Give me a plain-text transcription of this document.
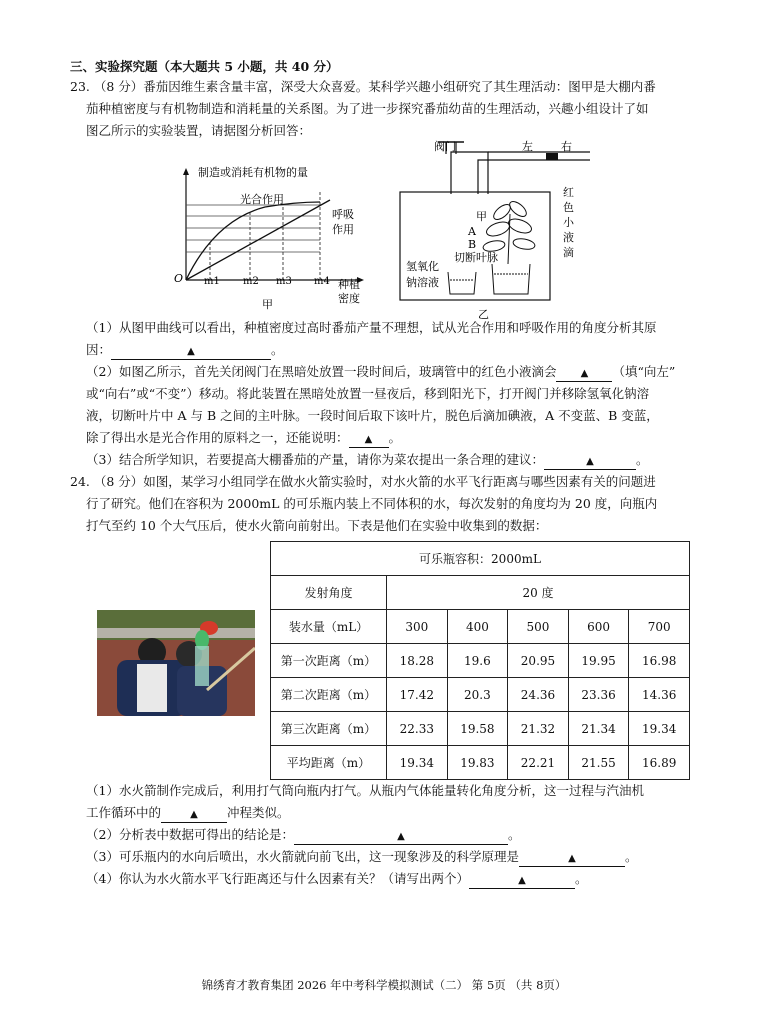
三、实验探究题（本大题共 5 小题，共 40 分）
23. （8 分）番茄因维生素含量丰富，深受大众喜爱。某科学兴趣小组研究了其生理活动：图甲是大棚内番
茄种植密度与有机物制造和消耗量的关系图。为了进一步探究番茄幼苗的生理活动，兴趣小组设计了如
图乙所示的实验装置，请据图分析回答：
制造或消耗有机物的量
光合作用
呼吸
作用
O m1 m2 m3 m4 种植
密度
甲
甲
A
B
切断叶脉
氢氧化
钠溶液
阀门	左	右
红
色
小
液
滴
乙
（1）从图甲曲线可以看出，种植密度过高时番茄产量不理想，试从光合作用和呼吸作用的角度分析其原
因：	▲	。
（2）如图乙所示，首先关闭阀门在黑暗处放置一段时间后，玻璃管中的红色小液滴会 ▲ （填“向左”
或“向右”或“不变”）移动。将此装置在黑暗处放置一昼夜后，移到阳光下，打开阀门并移除氢氧化钠溶
液，切断叶片中 A 与 B 之间的主叶脉。一段时间后取下该叶片，脱色后滴加碘液，A 不变蓝、B 变蓝，
除了得出水是光合作用的原料之一，还能说明： ▲ 。
（3）结合所学知识，若要提高大棚番茄的产量，请你为菜农提出一条合理的建议：	▲	。
24. （8 分）如图，某学习小组同学在做水火箭实验时，对水火箭的水平飞行距离与哪些因素有关的问题进
行了研究。他们在容积为 2000mL 的可乐瓶内装上不同体积的水，每次发射的角度均为 20 度，向瓶内
打气至约 10 个大气压后，使水火箭向前射出。下表是他们在实验中收集到的数据：
可乐瓶容积：2000mL					
发射角度	20 度				
装水量（mL）	300	400	500	600	700
第一次距离（m）	18.28	19.6	20.95	19.95	16.98
第二次距离（m）	17.42	20.3	24.36	23.36	14.36
第三次距离（m）	22.33	19.58	21.32	21.34	19.34
平均距离（m）	19.34	19.83	22.21	21.55	16.89
（1）水火箭制作完成后，利用打气筒向瓶内打气。从瓶内气体能量转化角度分析，这一过程与汽油机
工作循环中的	▲ 冲程类似。
（2）分析表中数据可得出的结论是：	▲	。
（3）可乐瓶内的水向后喷出，水火箭就向前飞出，这一现象涉及的科学原理是	▲	。
（4）你认为水火箭水平飞行距离还与什么因素有关？（请写出两个）	▲	。
锦绣育才教育集团 2026 年中考科学模拟测试（二） 第 5页 （共 8页）
